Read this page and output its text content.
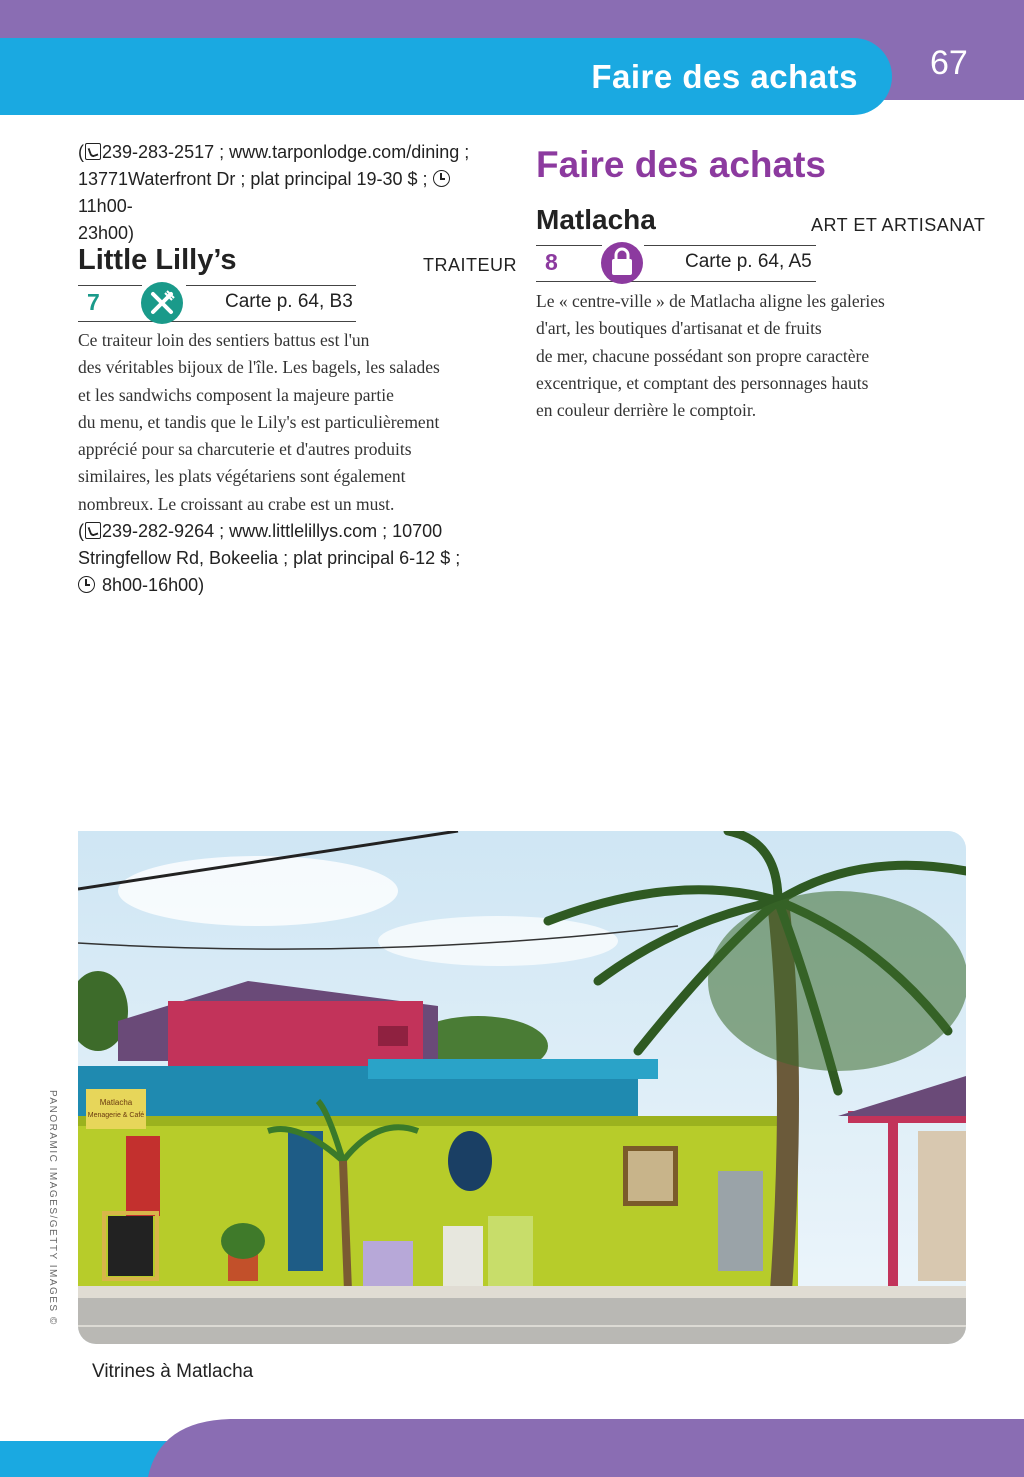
Faire des achats 67
( 239-283-2517 ; www.tarponlodge.com/dining ;
13771Waterfront Dr ; plat principal 19-30 $ ;  11h00-
23h00)
Little Lilly’s	TRAITEUR
7	Carte p. 64, B3
Ce traiteur loin des sentiers battus est l'un
des véritables bijoux de l'île. Les bagels, les salades
et les sandwichs composent la majeure partie
du menu, et tandis que le Lily's est particulièrement
apprécié pour sa charcuterie et d'autres produits
similaires, les plats végétariens sont également
nombreux. Le croissant au crabe est un must.
( 239-282-9264 ; www.littlelillys.com ; 10700
Stringfellow Rd, Bokeelia ; plat principal 6-12 $ ;
8h00-16h00)
Faire des achats
Matlacha	ART ET ARTISANAT
8	Carte p. 64, A5
Le « centre-ville » de Matlacha aligne les galeries
d'art, les boutiques d'artisanat et de fruits
de mer, chacune possédant son propre caractère
excentrique, et comptant des personnages hauts
en couleur derrière le comptoir.
PANORAMIC IMAGES/GETTY IMAGES ©	Matlacha
Menagerie & Café
Vitrines à Matlacha
